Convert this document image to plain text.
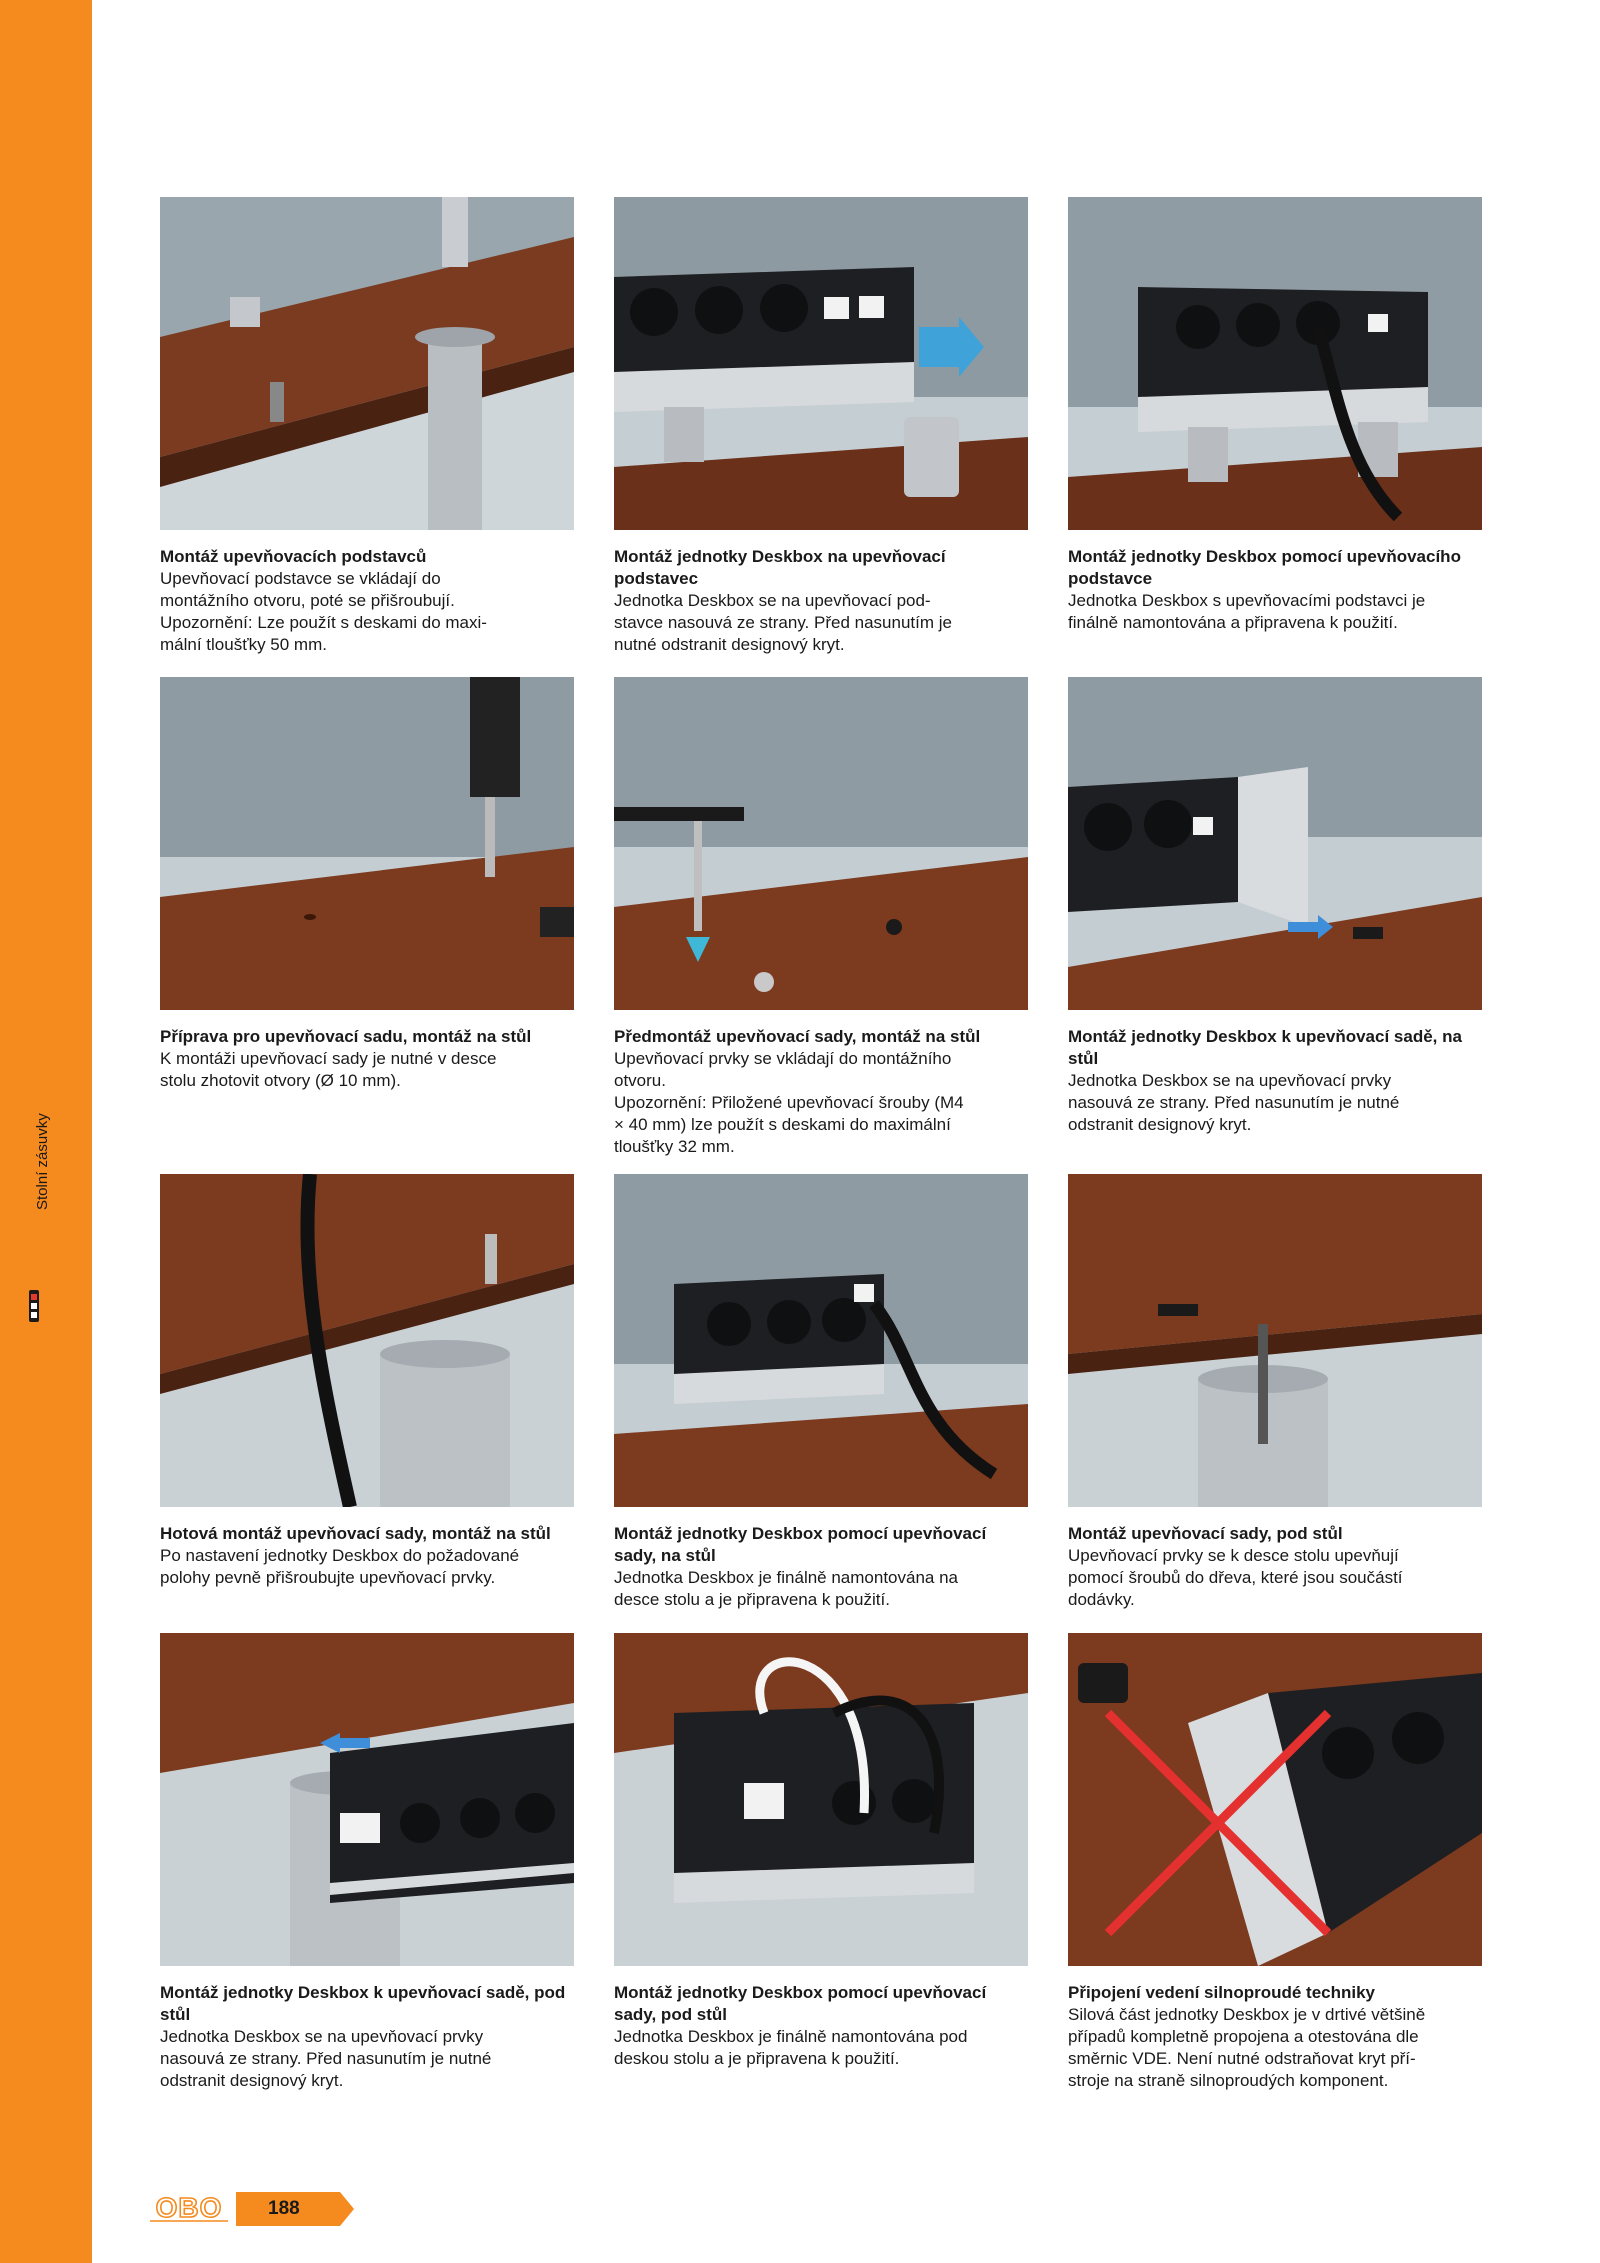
Stolní zásuvky
Montáž upevňovacích podstavců
Upevňovací podstavce se vkládají do
montážního otvoru, poté se přišroubují.
Upozornění: Lze použít s deskami do maxi-
mální tloušťky 50 mm.
Montáž jednotky Deskbox na upevňovací podstavec
Jednotka Deskbox se na upevňovací pod-
stavce nasouvá ze strany. Před nasunutím je
nutné odstranit designový kryt.
Montáž jednotky Deskbox pomocí upevňovacího podstavce
Jednotka Deskbox s upevňovacími podstavci je
finálně namontována a připravena k použití.
Příprava pro upevňovací sadu, montáž na stůl
K montáži upevňovací sady je nutné v desce
stolu zhotovit otvory (Ø 10 mm).
Předmontáž upevňovací sady, montáž na stůl
Upevňovací prvky se vkládají do montážního
otvoru.
Upozornění: Přiložené upevňovací šrouby (M4
× 40 mm) lze použít s deskami do maximální
tloušťky 32 mm.
Montáž jednotky Deskbox k upevňovací sadě, na stůl
Jednotka Deskbox se na upevňovací prvky
nasouvá ze strany. Před nasunutím je nutné
odstranit designový kryt.
Hotová montáž upevňovací sady, montáž na stůl
Po nastavení jednotky Deskbox do požadované
polohy pevně přišroubujte upevňovací prvky.
Montáž jednotky Deskbox pomocí upevňovací sady, na stůl
Jednotka Deskbox je finálně namontována na
desce stolu a je připravena k použití.
Montáž upevňovací sady, pod stůl
Upevňovací prvky se k desce stolu upevňují
pomocí šroubů do dřeva, které jsou součástí
dodávky.
Montáž jednotky Deskbox k upevňovací sadě, pod stůl
Jednotka Deskbox se na upevňovací prvky
nasouvá ze strany. Před nasunutím je nutné
odstranit designový kryt.
Montáž jednotky Deskbox pomocí upevňovací sady, pod stůl
Jednotka Deskbox je finálně namontována pod
deskou stolu a je připravena k použití.
Připojení vedení silnoproudé techniky
Silová část jednotky Deskbox je v drtivé většině
případů kompletně propojena a otestována dle
směrnic VDE. Není nutné odstraňovat kryt pří-
stroje na straně silnoproudých komponent.
OBO 188
